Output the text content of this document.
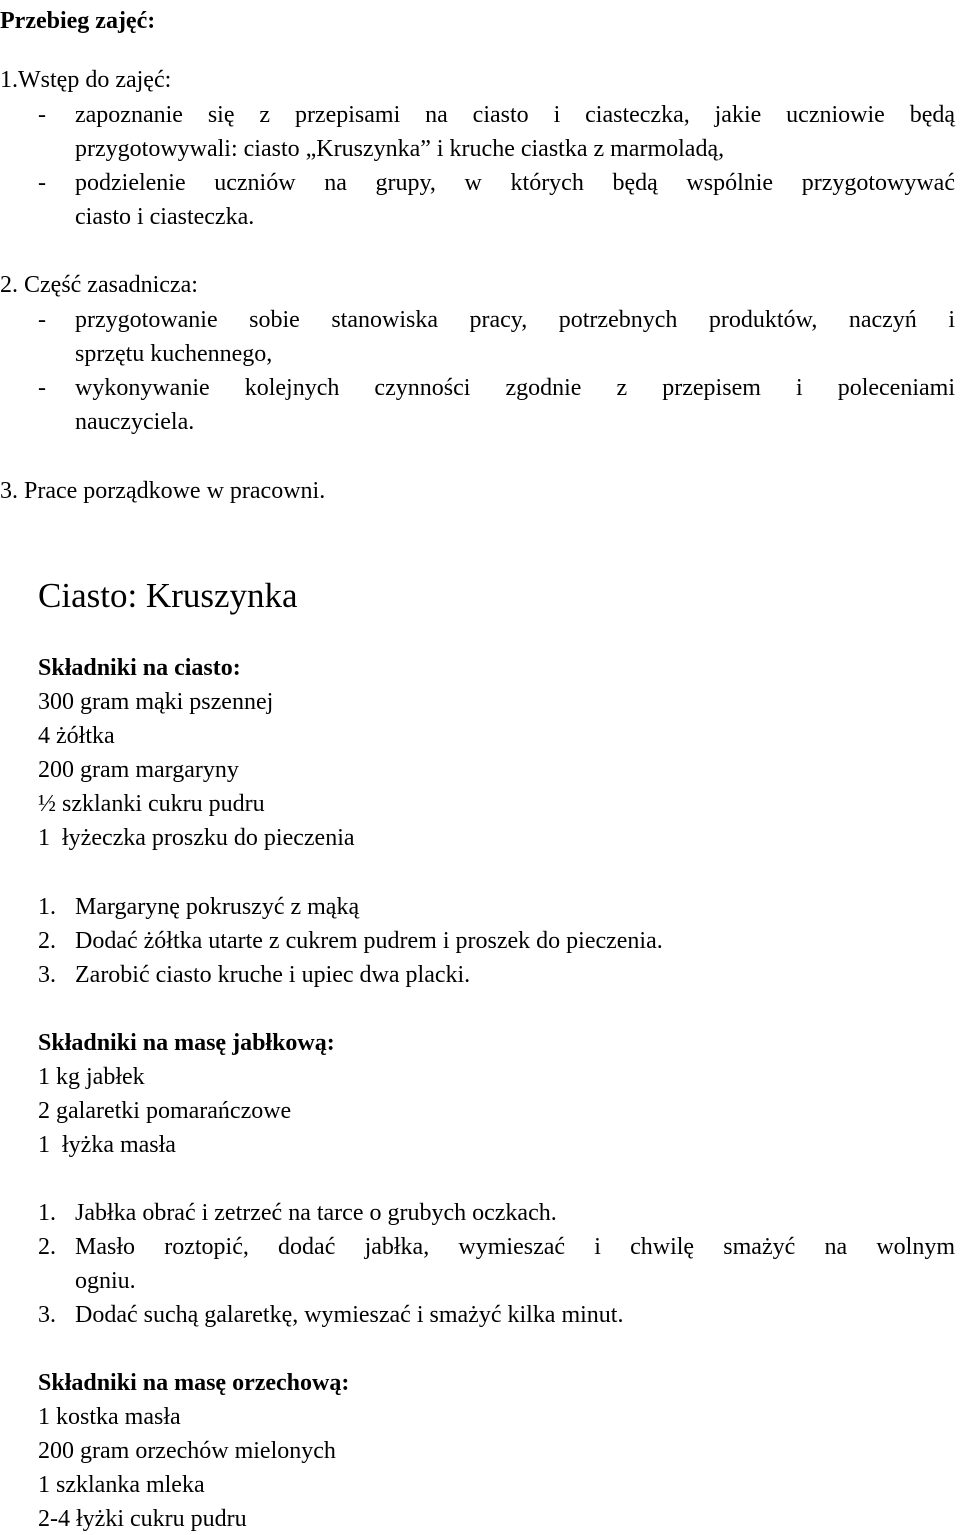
Przebieg zajęć:
1.Wstęp do zajęć:
- zapoznanie się z przepisami na ciasto i ciasteczka, jakie uczniowie będą
przygotowywali: ciasto „Kruszynka” i kruche ciastka z marmoladą,
- podzielenie uczniów na grupy, w których będą wspólnie przygotowywać
ciasto i ciasteczka.
2. Część zasadnicza:
- przygotowanie sobie stanowiska pracy, potrzebnych produktów, naczyń i
sprzętu kuchennego,
- wykonywanie kolejnych czynności zgodnie z przepisem i poleceniami
nauczyciela.
3. Prace porządkowe w pracowni.
Ciasto: Kruszynka
Składniki na ciasto:
300 gram mąki pszennej
4 żółtka
200 gram margaryny
½ szklanki cukru pudru
1  łyżeczka proszku do pieczenia
1. Margarynę pokruszyć z mąką
2. Dodać żółtka utarte z cukrem pudrem i proszek do pieczenia.
3. Zarobić ciasto kruche i upiec dwa placki.
Składniki na masę jabłkową:
1 kg jabłek
2 galaretki pomarańczowe
1  łyżka masła
1. Jabłka obrać i zetrzeć na tarce o grubych oczkach.
2. Masło roztopić, dodać jabłka, wymieszać i chwilę smażyć na wolnym
ogniu.
3. Dodać suchą galaretkę, wymieszać i smażyć kilka minut.
Składniki na masę orzechową:
1 kostka masła
200 gram orzechów mielonych
1 szklanka mleka
2-4 łyżki cukru pudru
